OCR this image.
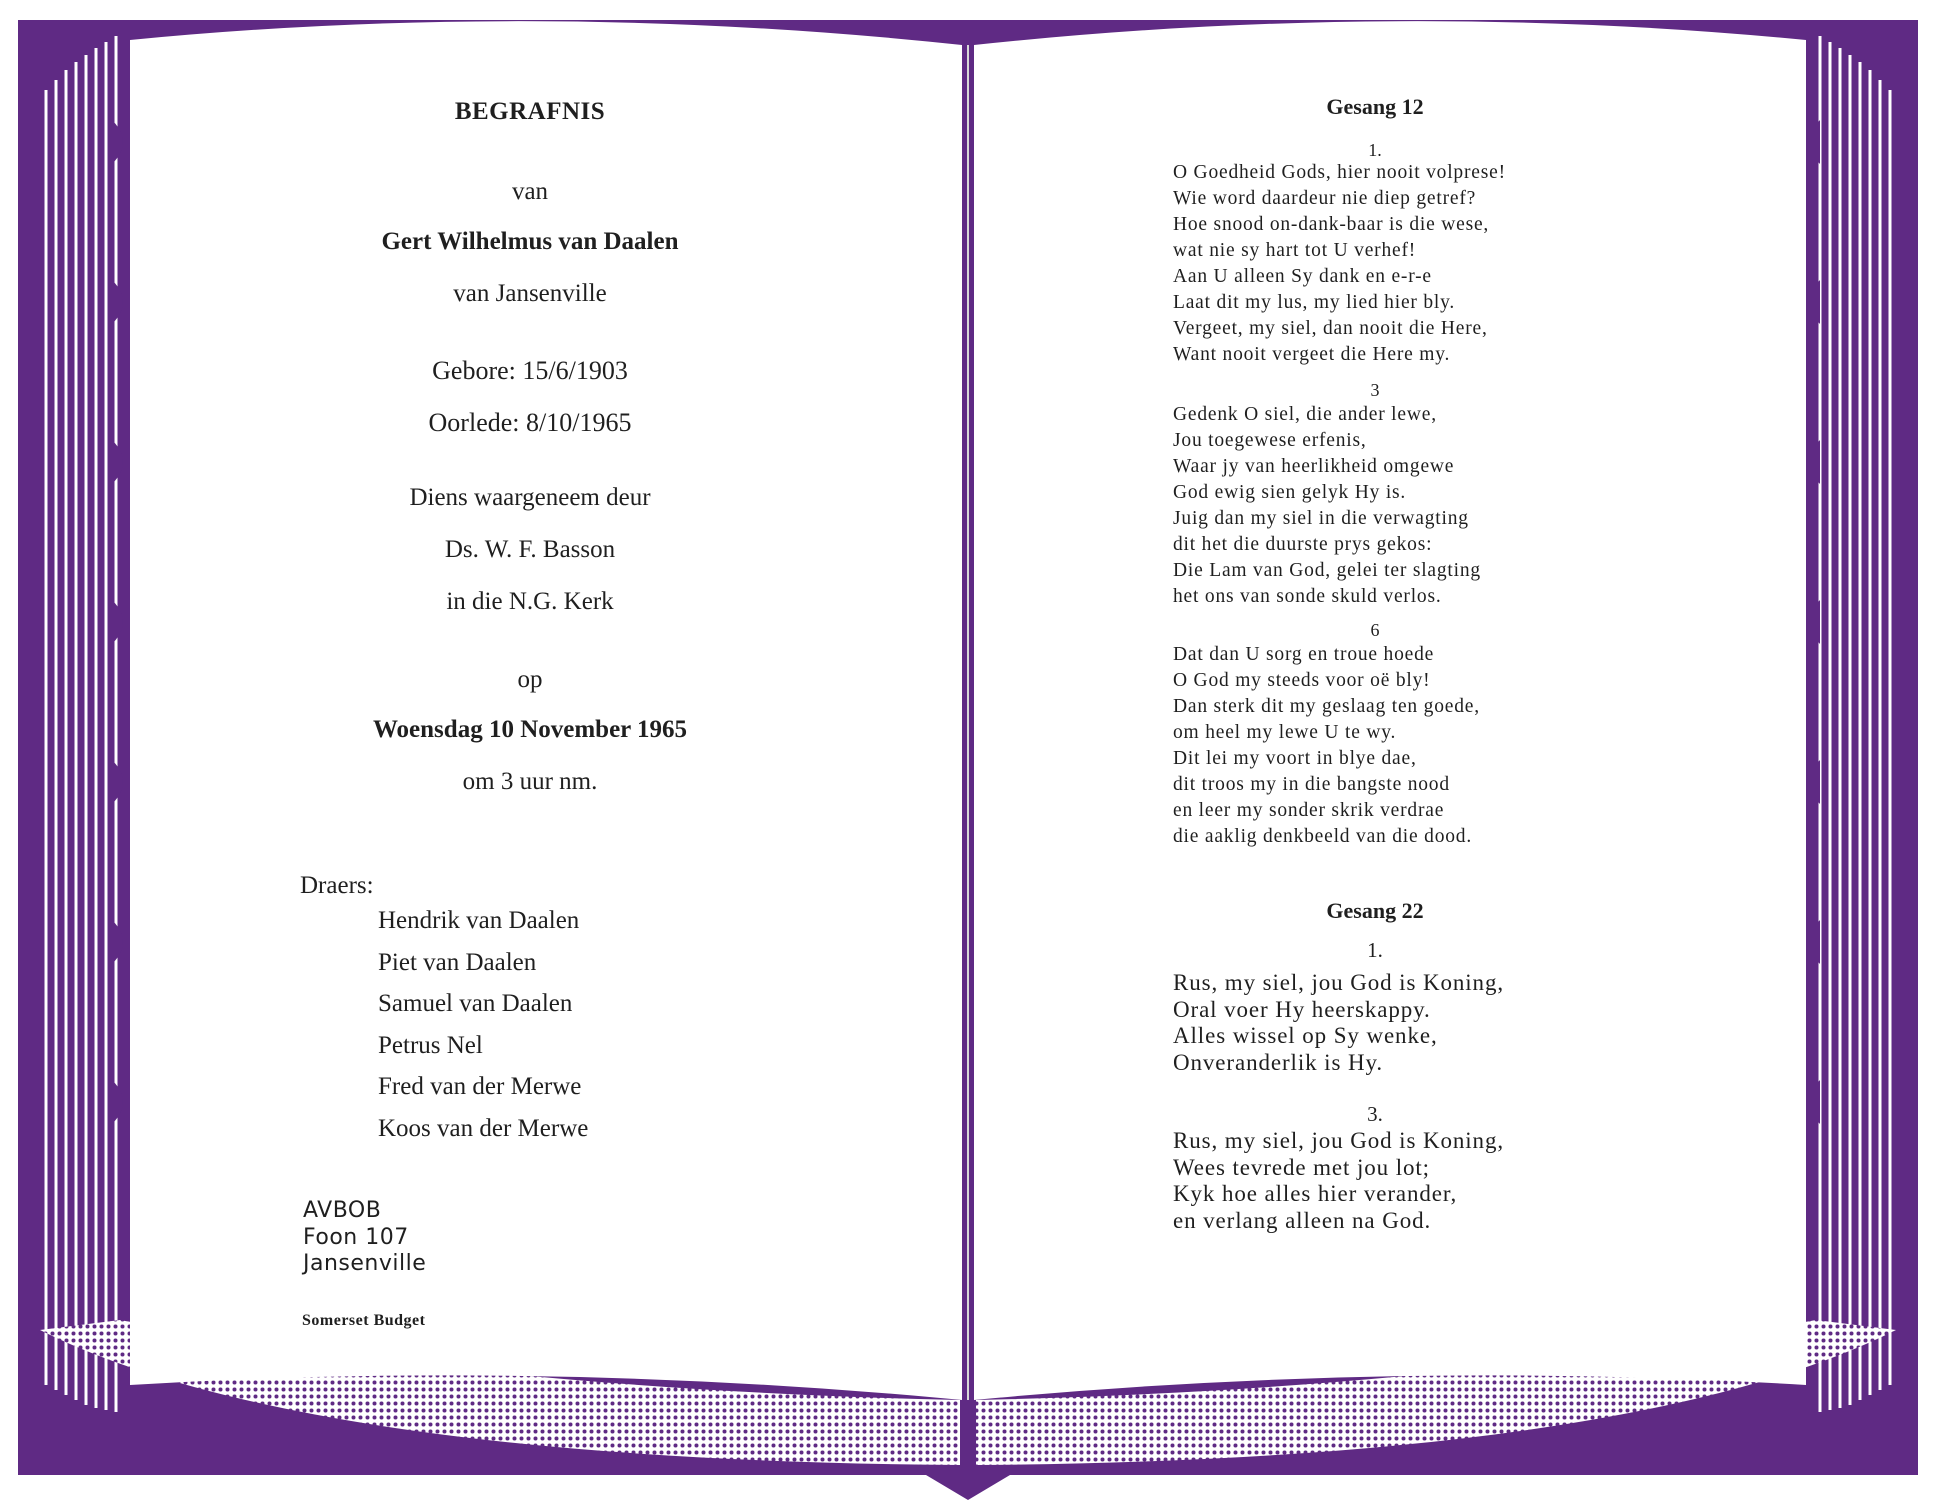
BEGRAFNIS
van
Gert Wilhelmus van Daalen
van Jansenville
Gebore: 15/6/1903
Oorlede: 8/10/1965
Diens waargeneem deur
Ds. W. F. Basson
in die N.G. Kerk
op
Woensdag 10 November 1965
om 3 uur nm.
Draers:
Hendrik van Daalen
Piet van Daalen
Samuel van Daalen
Petrus Nel
Fred van der Merwe
Koos van der Merwe
AVBOB
Foon 107
Jansenville
Somerset Budget
Gesang 12
1.
O Goedheid Gods, hier nooit volprese!
Wie word daardeur nie diep getref?
Hoe snood on-dank-baar is die wese,
wat nie sy hart tot U verhef!
Aan U alleen Sy dank en e-r-e
Laat dit my lus, my lied hier bly.
Vergeet, my siel, dan nooit die Here,
Want nooit vergeet die Here my.
3
Gedenk O siel, die ander lewe,
Jou toegewese erfenis,
Waar jy van heerlikheid omgewe
God ewig sien gelyk Hy is.
Juig dan my siel in die verwagting
dit het die duurste prys gekos:
Die Lam van God, gelei ter slagting
het ons van sonde skuld verlos.
6
Dat dan U sorg en troue hoede
O God my steeds voor oë bly!
Dan sterk dit my geslaag ten goede,
om heel my lewe U te wy.
Dit lei my voort in blye dae,
dit troos my in die bangste nood
en leer my sonder skrik verdrae
die aaklig denkbeeld van die dood.
Gesang 22
1.
Rus, my siel, jou God is Koning,
Oral voer Hy heerskappy.
Alles wissel op Sy wenke,
Onveranderlik is Hy.
3.
Rus, my siel, jou God is Koning,
Wees tevrede met jou lot;
Kyk hoe alles hier verander,
en verlang alleen na God.
